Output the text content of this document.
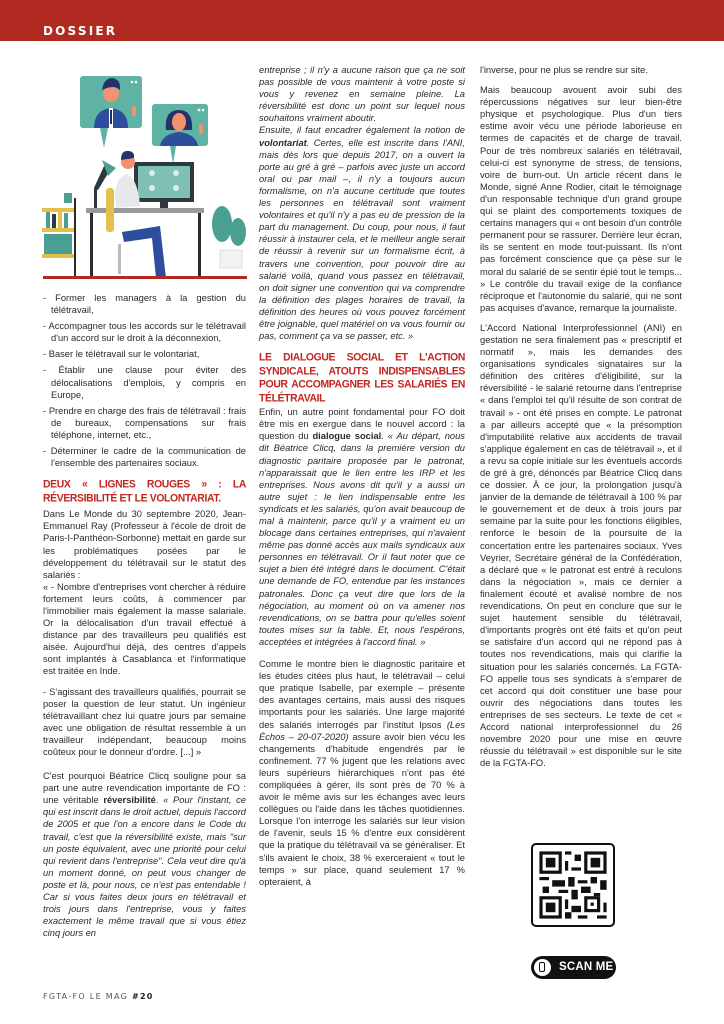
DOSSIER
- Former les managers à la gestion du télétravail,
- Accompagner tous les accords sur le télétravail d'un accord sur le droit à la déconnexion,
- Baser le télétravail sur le volontariat,
- Établir une clause pour éviter des délocalisations d'emplois, y compris en Europe,
- Prendre en charge des frais de télétravail : frais de bureaux, compensations sur frais téléphone, internet, etc.,
- Déterminer le cadre de la communication de l'ensemble des partenaires sociaux.
DEUX « LIGNES ROUGES » : LA RÉVERSIBILITÉ ET LE VOLONTARIAT.

Dans Le Monde du 30 septembre 2020, Jean-Emmanuel Ray (Professeur à l'école de droit de Paris-I-Panthéon-Sorbonne) mettait en garde sur les problématiques posées par le développement du télétravail sur le statut des salariés :

« - Nombre d'entreprises vont chercher à réduire fortement leurs coûts, à commencer par l'immobilier mais également la masse salariale. Or la délocalisation d'un travail effectué à distance par des travailleurs peu qualifiés est aisée. Aujourd'hui déjà, des centres d'appels sont implantés à Casablanca et l'informatique est traitée en Inde.

- S'agissant des travailleurs qualifiés, pourrait se poser la question de leur statut. Un ingénieur télétravaillant chez lui quatre jours par semaine avec une obligation de résultat ressemble à un travailleur indépendant, beaucoup moins coûteux pour le donneur d'ordre. [...] »

C'est pourquoi Béatrice Clicq souligne pour sa part une autre revendication importante de FO : une véritable réversibilité. « Pour l'instant, ce qui est inscrit dans le droit actuel, depuis l'accord de 2005 et que l'on a encore dans le Code du travail, c'est que la réversibilité existe, mais "sur un poste équivalent, avec une priorité pour celui qui revient dans l'entreprise". Cela veut dire qu'à un moment donné, on peut vous changer de poste et là, pour nous, ce n'est pas entendable ! Car si vous faites deux jours en télétravail et trois jours dans l'entreprise, vous y faites exactement le même travail que si vous étiez cinq jours en

entreprise ; il n'y a aucune raison que ça ne soit pas possible de vous maintenir à votre poste si vous y revenez en semaine pleine. La réversibilité est donc un point sur lequel nous souhaitons vraiment aboutir.

Ensuite, il faut encadrer également la notion de volontariat. Certes, elle est inscrite dans l'ANI, mais dès lors que depuis 2017, on a ouvert la porte au gré à gré – parfois avec juste un accord oral ou par mail –, il n'y a toujours aucun formalisme, on n'a aucune certitude que toutes les personnes en télétravail sont vraiment volontaires et qu'il n'y a pas eu de pression de la part du management. Du coup, pour nous, il faut réussir à instaurer cela, et le meilleur angle serait de réussir à revenir sur un formalisme écrit, à travers une convention, pour pouvoir dire au salarié voilà, quand vous passez en télétravail, on doit signer une convention qui va comprendre la définition des plages horaires de travail, la définition des heures où vous pouvez forcément être joignable, quel matériel on va vous fournir ou pas, comment ça va se passer, etc. »

LE DIALOGUE SOCIAL ET L'ACTION SYNDICALE, ATOUTS INDISPENSABLES POUR ACCOMPAGNER LES SALARIÉS EN TÉLÉTRAVAIL

Enfin, un autre point fondamental pour FO doit être mis en exergue dans le nouvel accord : la question du dialogue social. « Au départ, nous dit Béatrice Clicq, dans la première version du diagnostic paritaire proposée par le patronat, n'apparaissait que le lien entre les IRP et les entreprises. Nous avons dit qu'il y a aussi un autre sujet : le lien indispensable entre les syndicats et les salariés, qu'on avait beaucoup de mal à maintenir, parce qu'il y a vraiment eu un blocage dans certaines entreprises, qui n'avaient même pas donné accès aux mails syndicaux aux personnes en télétravail. Or il faut noter que ce sujet a bien été intégré dans le document. C'était une demande de FO, entendue par les instances patronales. Donc ça veut dire que lors de la négociation, au moment où on va amener nos revendications, on se battra pour qu'elles soient toutes mises sur la table. Et, nous l'espérons, acceptées et intégrées à l'accord final. »

Comme le montre bien le diagnostic paritaire et les études citées plus haut, le télétravail – celui que pratique Isabelle, par exemple – présente des avantages certains, mais aussi des risques importants pour les salariés. Une large majorité des salariés interrogés par l'institut Ipsos (Les Échos – 20-07-2020) assure avoir bien vécu les changements d'habitude engendrés par le confinement. 77 % jugent que les relations avec leurs supérieurs hiérarchiques n'ont pas été compliquées à gérer, ils sont près de 70 % à avoir le même avis sur les échanges avec leurs collègues ou l'aide dans les tâches quotidiennes. Lorsque l'on interroge les salariés sur leur vision de l'avenir, seuls 15 % d'entre eux considèrent que la pratique du télétravail va se généraliser. Et s'ils avaient le choix, 38 % exerceraient « tout le temps » sur place, quand seulement 17 % opteraient, à

l'inverse, pour ne plus se rendre sur site.

Mais beaucoup avouent avoir subi des répercussions négatives sur leur bien-être physique et psychologique. Plus d'un tiers estime avoir vécu une période laborieuse en termes de capacités et de charge de travail. Pour de très nombreux salariés en télétravail, celui-ci est synonyme de stress, de tensions, voire de burn-out. Un article récent dans le Monde, signé Anne Rodier, citait le témoignage d'un responsable technique d'un grand groupe qui se plaint des comportements toxiques de certains managers qui « ont besoin d'un contrôle permanent pour se rassurer. Derrière leur écran, ils se sentent en mode tout-puissant. Ils n'ont pas forcément conscience que ça pèse sur le moral du salarié de se sentir épié tout le temps... » Le contrôle du travail exige de la confiance réciproque et l'autonomie du salarié, qui ne sont pas acquises d'avance, remarque la journaliste.

L'Accord National Interprofessionnel (ANI) en gestation ne sera finalement pas « prescriptif et normatif », mais les demandes des organisations syndicales signataires sur la définition des critères d'éligibilité, sur la réversibilité - le salarié retourne dans l'entreprise « dans l'emploi tel qu'il résulte de son contrat de travail » - ont été prises en compte. Le patronat a par ailleurs accepté que « la présomption d'imputabilité relative aux accidents de travail s'applique également en cas de télétravail », et il a revu sa copie initiale sur les éventuels accords de gré à gré, dénoncés par Béatrice Clicq dans ce dossier. À ce jour, la prolongation jusqu'à janvier de la demande de télétravail à 100 % par le gouvernement et de deux à trois jours par semaine par la suite pour les fonctions éligibles, renforce le besoin de la poursuite de la concertation entre les partenaires sociaux. Yves Veyrier, Secrétaire général de la Confédération, a déclaré que « le patronat est entré à reculons dans la négociation », mais ce dernier a finalement écouté et avalisé nombre de nos revendications. On peut en conclure que sur le sujet hautement sensible du télétravail, d'importants progrès ont été faits et qu'on peut se satisfaire d'un accord qui ne répond pas à toutes nos revendications, mais qui clarifie la situation pour les salariés concernés. La FGTA-FO appelle tous ses syndicats à s'emparer de cet accord qui doit constituer une base pour ouvrir des négociations dans toutes les entreprises de ses secteurs. Le texte de cet « Accord national interprofessionnel du 26 novembre 2020 pour une mise en œuvre réussie du télétravail » est disponible sur le site de la FGTA-FO.

SCAN ME
FGTA-FO LE MAG #20
